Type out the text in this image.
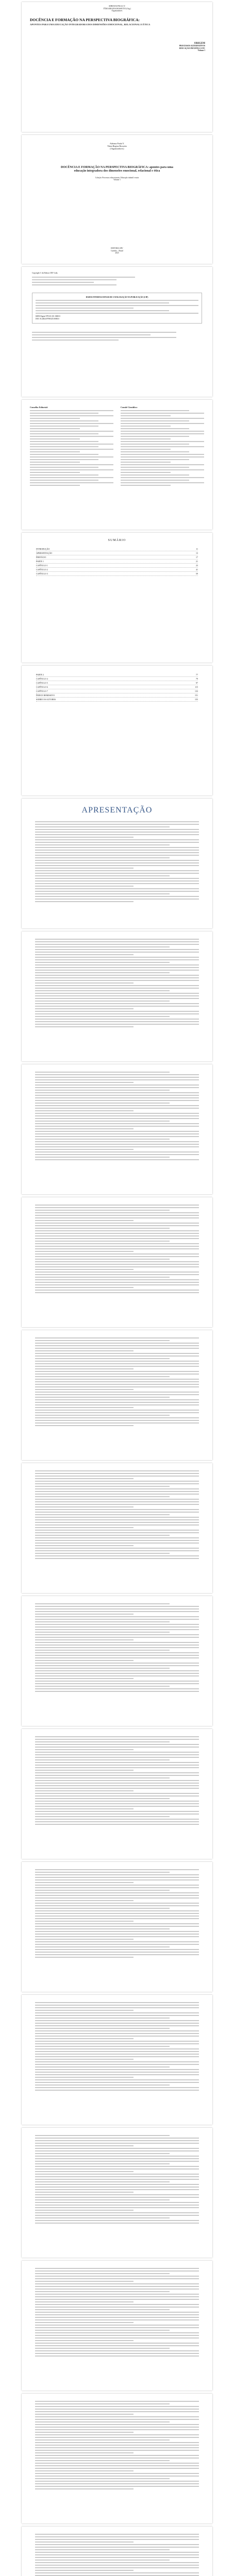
ADRIANA PAULA Y.
TÂNIA REGINA ROSSETTO (Org.)
Organizadores
DOCÊNCIA E FORMAÇÃO NA PERSPECTIVA BIOGRÁFICA:
APONTES PARA UMA EDUCAÇÃO INTEGRADORA DOS DIMENSÕES EMOCIONAL, RELACIONAL E ÉTICA
ORIGEM
PROCESSOS ALTERNATIVOS
EDUCAÇÃO INFANTIL E ETC
Volume 1
Adriana Paula Y.
Tânia Regina Rossetto
(Organizadores)
DOCÊNCIA E FORMAÇÃO NA PERSPECTIVA BIOGRÁFICA: apontes para uma educação integradora dos dimensões emocional, relacional e ética
Coleção: Processos educacionais, Educação infantil e mais
Volume 1
EDITORA CRV
Curitiba – Brasil
2023
Copyright © da Editora CRV Ltda.
DADOS INTERNACIONAIS DE CATALOGAÇÃO NA PUBLICAÇÃO (CIP)
ISBN Digital 978-65-251-0000-0
DOI 10.24824/978652510000.0
Conselho Editorial:	Comitê Científico:
SUMÁRIO
INTRODUÇÃO	11
APRESENTAÇÃO	13
PREFÁCIO	17
PARTE 1	21
CAPÍTULO 1	23
CAPÍTULO 2	41
CAPÍTULO 3	59
PARTE 2	77
CAPÍTULO 4	79
CAPÍTULO 5	97
CAPÍTULO 6	115
CAPÍTULO 7	133
ÍNDICE REMISSIVO	151
SOBRE OS AUTORES	155
APRESENTAÇÃO
